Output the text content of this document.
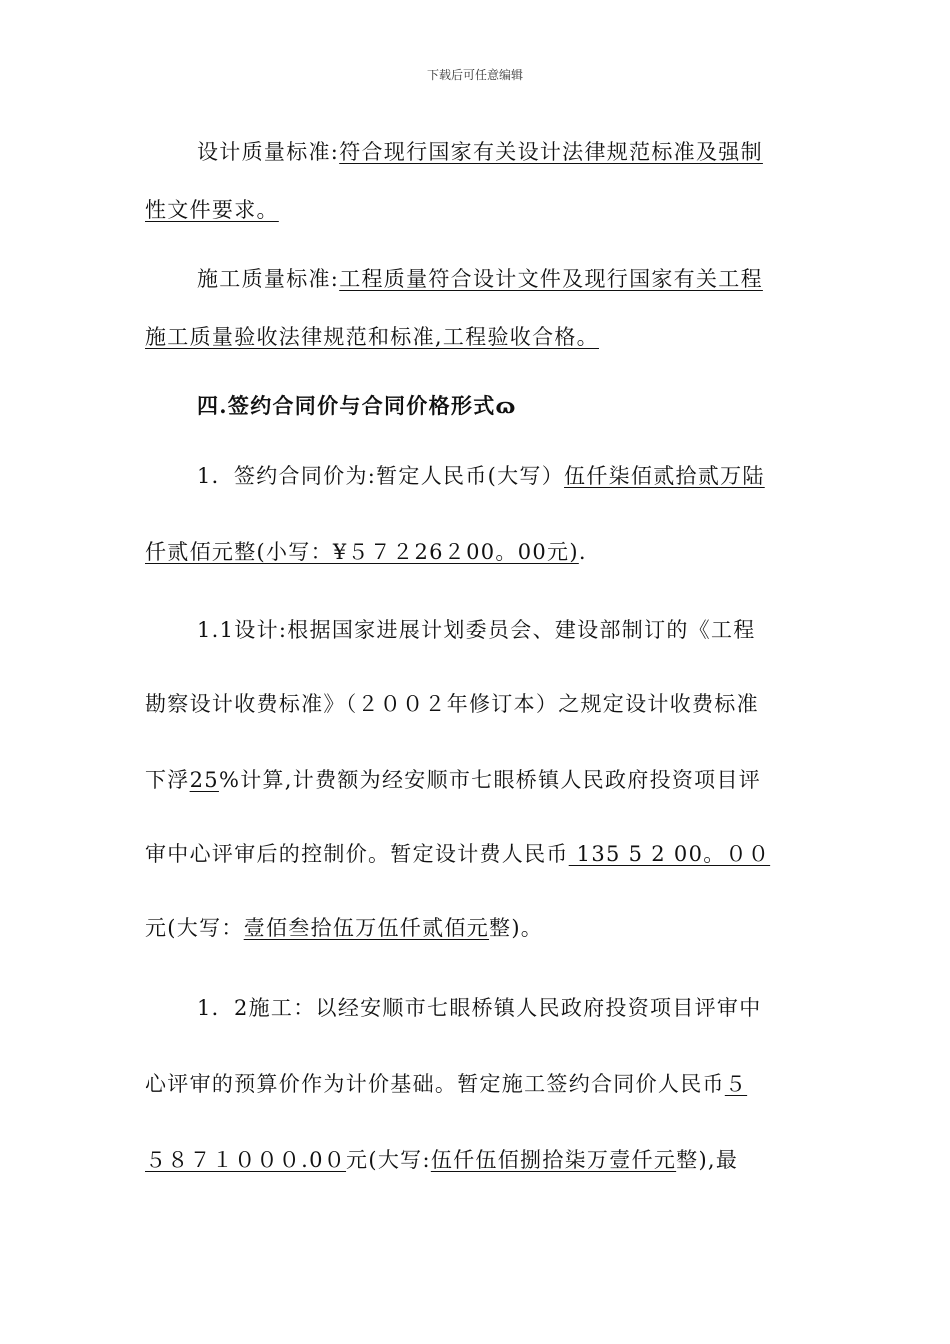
下载后可任意编辑
设计质量标准:符合现行国家有关设计法律规范标准及强制
性文件要求。
施工质量标准:工程质量符合设计文件及现行国家有关工程
施工质量验收法律规范和标准,工程验收合格。
四.签约合同价与合同价格形式ɷ
1．签约合同价为:暂定人民币(大写）伍仟柒佰贰拾贰万陆
仟贰佰元整(小写：¥５７２26２00。00元).
1.1设计:根据国家进展计划委员会、建设部制订的《工程
勘察设计收费标准》（２００２年修订本）之规定设计收费标准
下浮25%计算,计费额为经安顺市七眼桥镇人民政府投资项目评
审中心评审后的控制价。暂定设计费人民币 135 5 2 00。００
元(大写：壹佰叁拾伍万伍仟贰佰元整)。
1．2施工：以经安顺市七眼桥镇人民政府投资项目评审中
心评审的预算价作为计价基础。暂定施工签约合同价人民币５
５８７１０００.0０元(大写:伍仟伍佰捌拾柒万壹仟元整),最
